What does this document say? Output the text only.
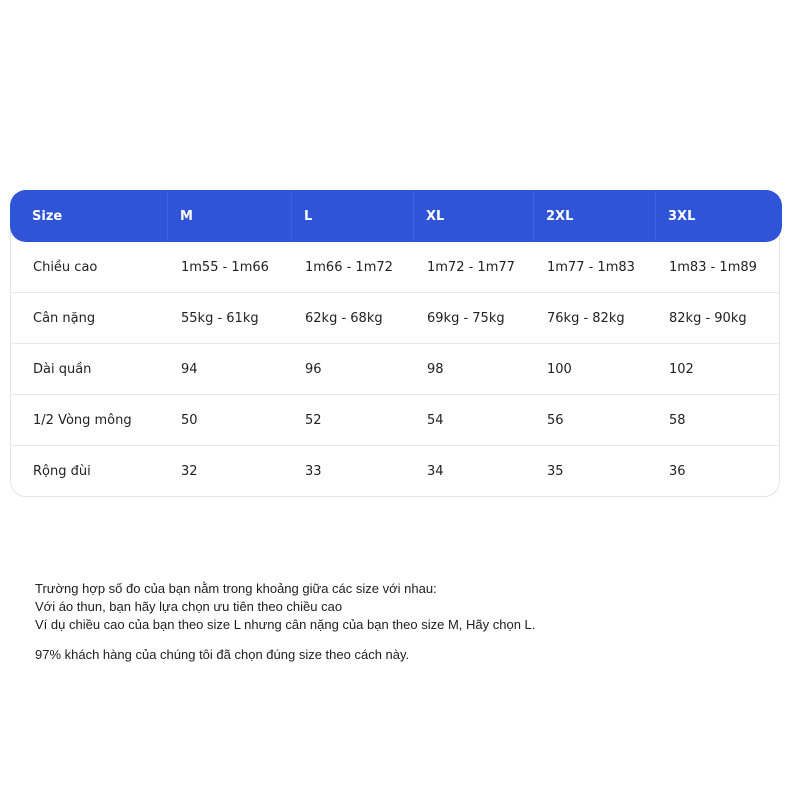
Size	M	L	XL	2XL	3XL
Chiều cao	1m55 - 1m66	1m66 - 1m72	1m72 - 1m77	1m77 - 1m83	1m83 - 1m89
Cân nặng	55kg - 61kg	62kg - 68kg	69kg - 75kg	76kg - 82kg	82kg - 90kg
Dài quần	94	96	98	100	102
1/2 Vòng mông	50	52	54	56	58
Rộng đùi	32	33	34	35	36

Trường hợp số đo của bạn nằm trong khoảng giữa các size với nhau:
Với áo thun, bạn hãy lựa chọn ưu tiên theo chiều cao
Ví dụ chiều cao của bạn theo size L nhưng cân nặng của bạn theo size M, Hãy chọn L.

97% khách hàng của chúng tôi đã chọn đúng size theo cách này.
